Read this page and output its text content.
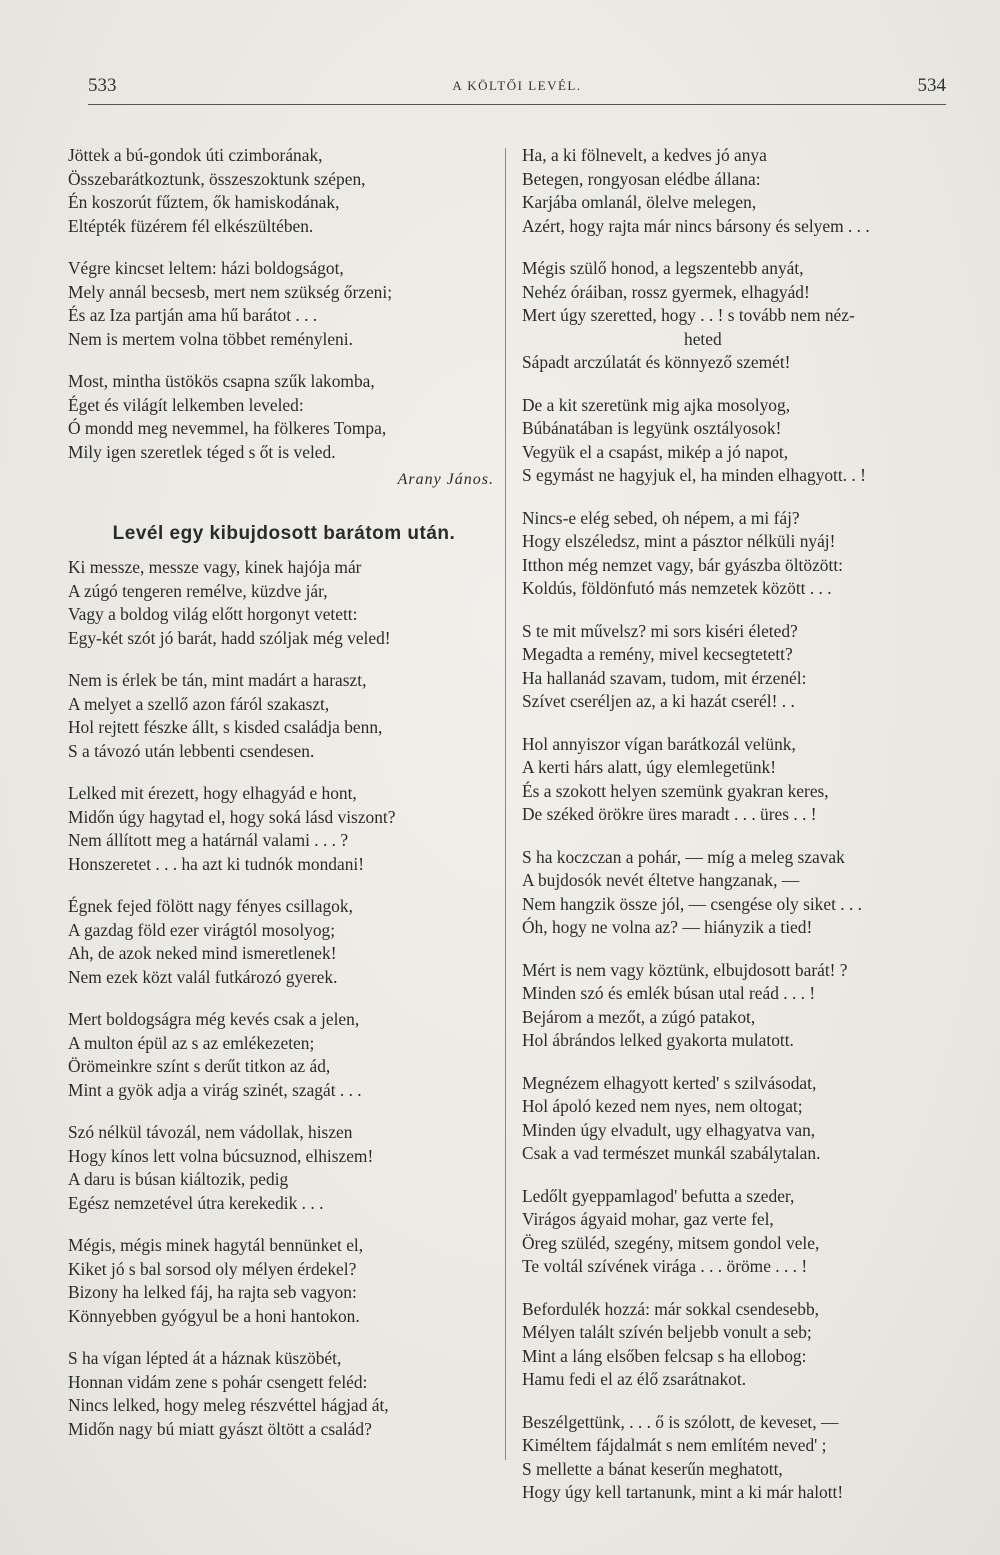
533	A KÖLTŐI LEVÉL.	534
Jöttek a bú-gondok úti czimborának,
Összebarátkoztunk, összeszoktunk szépen,
Én koszorút fűztem, ők hamiskodának,
Eltépték füzérem fél elkészültében.
Végre kincset leltem: házi boldogságot,
Mely annál becsesb, mert nem szükség őrzeni;
És az Iza partján ama hű barátot . . .
Nem is mertem volna többet reményleni.
Most, mintha üstökös csapna szűk lakomba,
Éget és világít lelkemben leveled:
Ó mondd meg nevemmel, ha fölkeres Tompa,
Mily igen szeretlek téged s őt is veled.
Arany János.
Levél egy kibujdosott barátom után.
Ki messze, messze vagy, kinek hajója már
A zúgó tengeren remélve, küzdve jár,
Vagy a boldog világ előtt horgonyt vetett:
Egy-két szót jó barát, hadd szóljak még veled!
Nem is érlek be tán, mint madárt a haraszt,
A melyet a szellő azon fáról szakaszt,
Hol rejtett fészke állt, s kisded családja benn,
S a távozó után lebbenti csendesen.
Lelked mit érezett, hogy elhagyád e hont,
Midőn úgy hagytad el, hogy soká lásd viszont?
Nem állított meg a határnál valami . . . ?
Honszeretet . . . ha azt ki tudnók mondani!
Égnek fejed fölött nagy fényes csillagok,
A gazdag föld ezer virágtól mosolyog;
Ah, de azok neked mind ismeretlenek!
Nem ezek közt valál futkározó gyerek.
Mert boldogságra még kevés csak a jelen,
A multon épül az s az emlékezeten;
Örömeinkre színt s derűt titkon az ád,
Mint a gyök adja a virág szinét, szagát . . .
Szó nélkül távozál, nem vádollak, hiszen
Hogy kínos lett volna búcsuznod, elhiszem!
A daru is búsan kiáltozik, pedig
Egész nemzetével útra kerekedik . . .
Mégis, mégis minek hagytál bennünket el,
Kiket jó s bal sorsod oly mélyen érdekel?
Bizony ha lelked fáj, ha rajta seb vagyon:
Könnyebben gyógyul be a honi hantokon.
S ha vígan lépted át a háznak küszöbét,
Honnan vidám zene s pohár csengett feléd:
Nincs lelked, hogy meleg részvéttel hágjad át,
Midőn nagy bú miatt gyászt öltött a család?
Ha, a ki fölnevelt, a kedves jó anya
Betegen, rongyosan elédbe állana:
Karjába omlanál, ölelve melegen,
Azért, hogy rajta már nincs bársony és selyem . . .
Mégis szülő honod, a legszentebb anyát,
Nehéz óráiban, rossz gyermek, elhagyád!
Mert úgy szeretted, hogy . . ! s tovább nem néz-
heted
Sápadt arczúlatát és könnyező szemét!
De a kit szeretünk mig ajka mosolyog,
Búbánatában is legyünk osztályosok!
Vegyük el a csapást, mikép a jó napot,
S egymást ne hagyjuk el, ha minden elhagyott. . !
Nincs-e elég sebed, oh népem, a mi fáj?
Hogy elszéledsz, mint a pásztor nélküli nyáj!
Itthon még nemzet vagy, bár gyászba öltözött:
Koldús, földönfutó más nemzetek között . . .
S te mit művelsz? mi sors kiséri életed?
Megadta a remény, mivel kecsegtetett?
Ha hallanád szavam, tudom, mit érzenél:
Szívet cseréljen az, a ki hazát cserél! . .
Hol annyiszor vígan barátkozál velünk,
A kerti hárs alatt, úgy elemlegetünk!
És a szokott helyen szemünk gyakran keres,
De széked örökre üres maradt . . . üres . . !
S ha koczczan a pohár, — míg a meleg szavak
A bujdosók nevét éltetve hangzanak, —
Nem hangzik össze jól, — csengése oly siket . . .
Óh, hogy ne volna az? — hiányzik a tied!
Mért is nem vagy köztünk, elbujdosott barát! ?
Minden szó és emlék búsan utal reád . . . !
Bejárom a mezőt, a zúgó patakot,
Hol ábrándos lelked gyakorta mulatott.
Megnézem elhagyott kerted' s szilvásodat,
Hol ápoló kezed nem nyes, nem oltogat;
Minden úgy elvadult, ugy elhagyatva van,
Csak a vad természet munkál szabálytalan.
Ledőlt gyeppamlagod' befutta a szeder,
Virágos ágyaid mohar, gaz verte fel,
Öreg szüléd, szegény, mitsem gondol vele,
Te voltál szívének virága . . . öröme . . . !
Befordulék hozzá: már sokkal csendesebb,
Mélyen talált szívén beljebb vonult a seb;
Mint a láng elsőben felcsap s ha ellobog:
Hamu fedi el az élő zsarátnakot.
Beszélgettünk, . . . ő is szólott, de keveset, —
Kiméltem fájdalmát s nem említém neved' ;
S mellette a bánat keserűn meghatott,
Hogy úgy kell tartanunk, mint a ki már halott!
